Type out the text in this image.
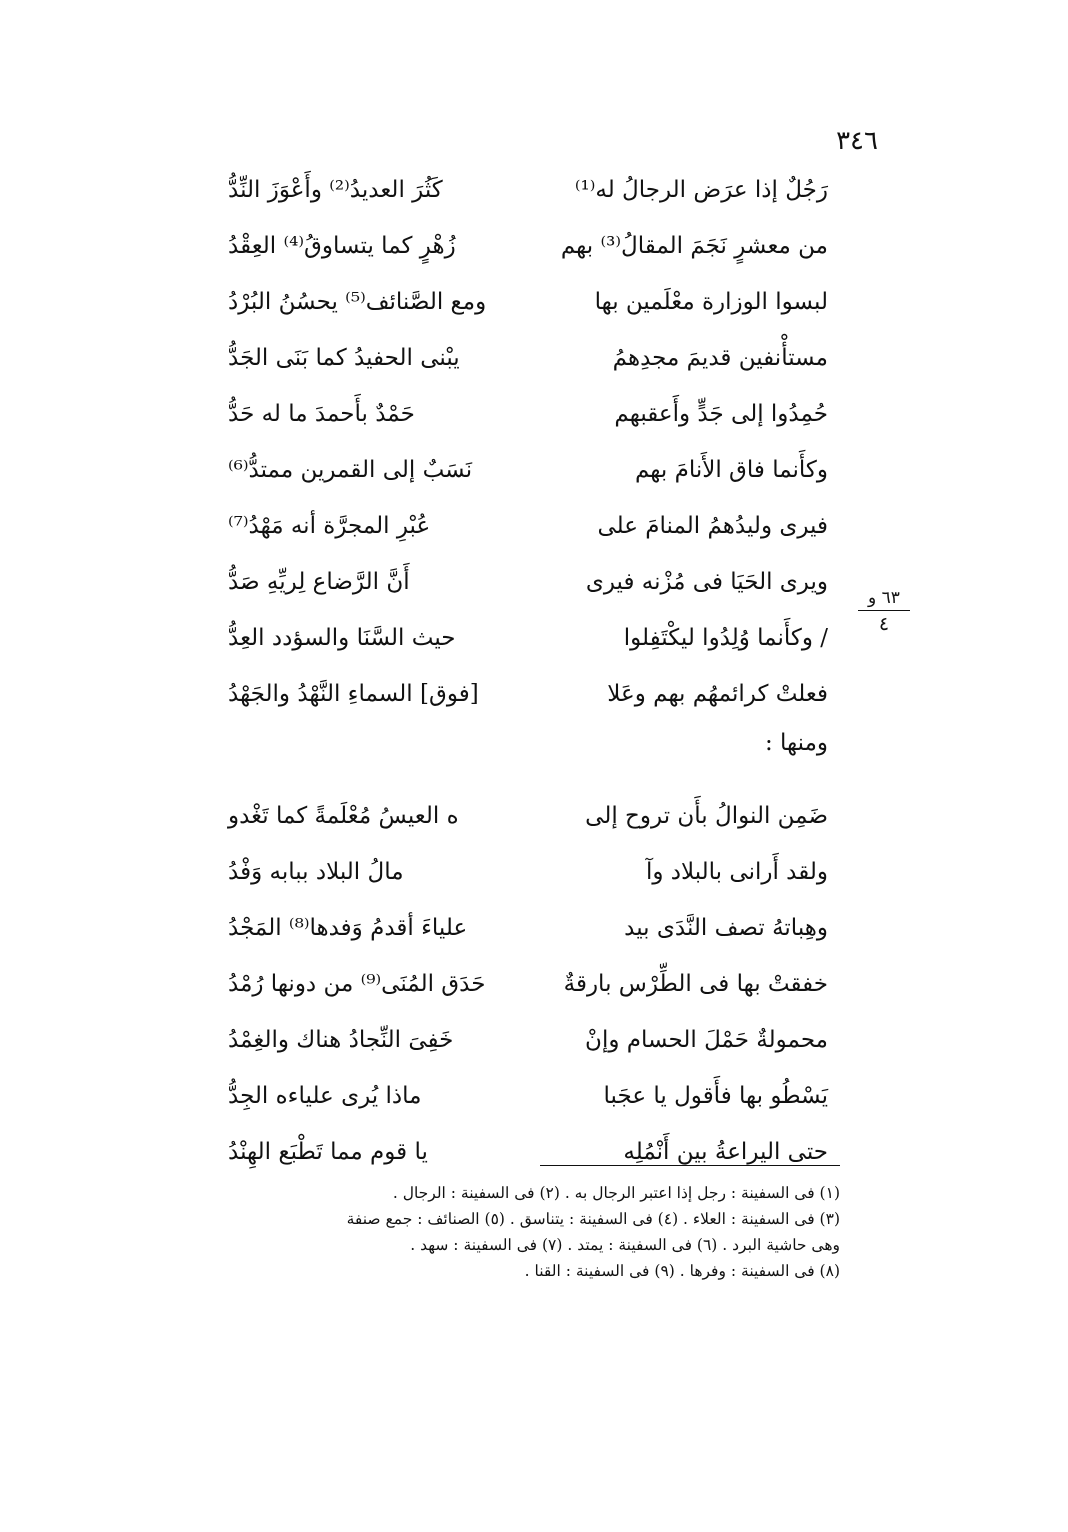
٣٤٦
٦٣ و
٤
رَجُلٌ إذا عرَض الرجالُ له⁽¹⁾
كَثُرَ العديدُ⁽²⁾ وأَعْوَزَ النِّدُّ
من معشرٍ نَجَمَ المقالُ⁽³⁾ بهم
زُهْرٍ كما يتساوقُ⁽⁴⁾ العِقْدُ
لبسوا الوزارة معْلَمين بها
ومع الصَّنائف⁽⁵⁾ يحسُنُ البُرْدُ
مستأْنفين قديمَ مجدِهمُ
يبْنى الحفيدُ كما بَنَى الجَدُّ
حُمِدُوا إلى جَدٍّ وأَعقبهم
حَمْدٌ بأَحمدَ ما له حَدُّ
وكأَنما فاق الأَنامَ بهم
نَسَبٌ إلى القمرين ممتدُّ⁽⁶⁾
فيرى وليدُهمُ المنامَ على
عُبْرِ المجرَّة أنه مَهْدُ⁽⁷⁾
ويرى الحَيَا فى مُزْنه فيرى
أَنَّ الرَّضاع لِريِّهِ صَدُّ
/ وكأَنما وُلِدُوا ليكْتَفِلوا
حيث السَّنَا والسؤدد العِدُّ
فعلتْ كرائمهُم بهم وعَلا
[فوق] السماءِ النَّهْدُ والجَهْدُ
ومنها :
ضَمِن النوالُ بأَن تروح إلى
ه العيسُ مُعْلَمةً كما تَغْدو
ولقد أَرانى بالبلاد وآ
مالُ البلاد ببابه وَفْدُ
وهِباتهُ تصف النَّدَى بيد
علياءَ أقدمُ وَفدها⁽⁸⁾ المَجْدُ
خفقتْ بها فى الطِّرْس بارقةٌ
حَدَق المُنَى⁽⁹⁾ من دونها رُمْدُ
محمولةٌ حَمْلَ الحسام وإنْ
خَفِىَ النِّجادُ هناك والغِمْدُ
يَسْطُو بها فأَقول يا عجَبا
ماذا يُرى علياءه الجِدُّ
حتى اليراعةُ بين أَنْمُلِه
يا قوم مما تَطْبَع الهِنْدُ
(١) فى السفينة : رجل إذا اعتبر الرجال به . (٢) فى السفينة : الرجال .
(٣) فى السفينة : العلاء . (٤) فى السفينة : يتناسق . (٥) الصنائف : جمع صنفة
وهى حاشية البرد . (٦) فى السفينة : يمتد . (٧) فى السفينة : سهد .
(٨) فى السفينة : وفرها . (٩) فى السفينة : القنا .
